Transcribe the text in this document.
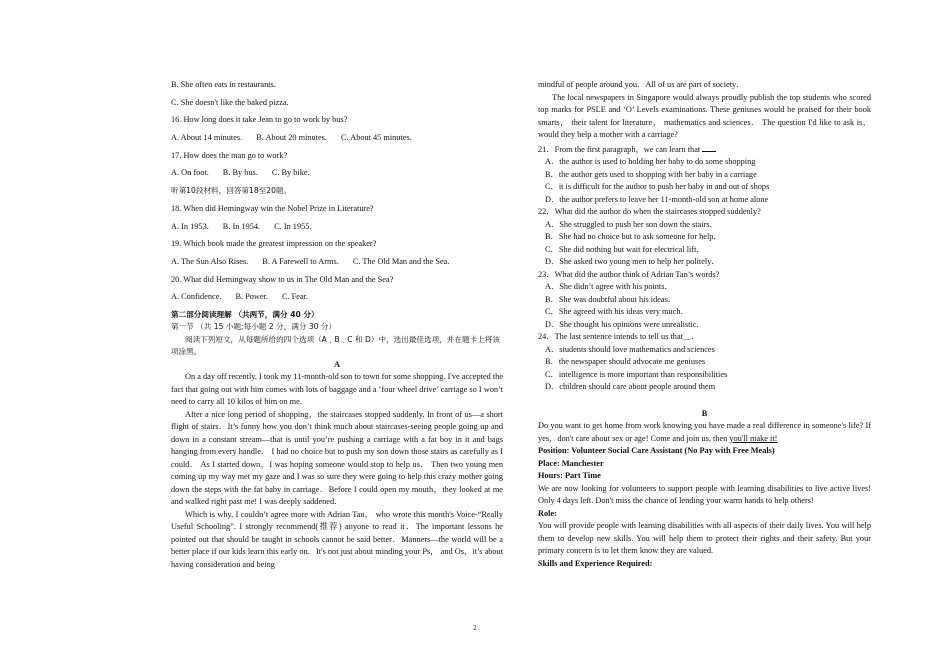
B. She often eats in restaurants.

C. She doesn't like the baked pizza.

16. How long does it take Jean to go to work by bus?

A. About 14 minutes. B. About 20 minutes. C. About 45 minutes.

17. How does the man go to work?

A. On foot. B. By bus. C. By bike.

听第10段材料，回答第18至20题。

18. When did Hemingway win the Nobel Prize in Literature?

A. In 1953. B. In 1954. C. In 1955.

19. Which book made the greatest impression on the speaker?

A. The Sun Also Rises. B. A Farewell to Arms. C. The Old Man and the Sea.

20. What did Hemingway show to us in The Old Man and the Sea?

A. Confidence. B. Power. C. Fear.

第二部分阅读理解 （共两节，满分 40 分）

第一节 （共 15 小题;每小题 2 分，满分 30 分）

阅读下列短文，从每题所给的四个选项（A﹑B﹑C 和 D）中，选出最佳选项，并在题卡上将该项涂黑。

A

On a day off recently, I took my 11-month-old son to town for some shopping. I've accepted the fact that going out with him comes with lots of baggage and a ‘four wheel drive’ carriage so I won’t need to carry all 10 kilos of him on me.

After a nice long period of shopping，the staircases stopped suddenly. In front of us—a short flight of stairs．It’s funny how you don’t think much about staircases-seeing people going up and down in a constant stream—that is until you’re pushing a carriage with a fat boy in it and bags hanging from every handle． I had no choice but to push my son down those stairs as carefully as I could． As I started down，I was hoping someone would stop to help us． Then two young men coming up my way met my gaze and I was so sure they were going to help this crazy mother going down the steps with the fat baby in carriage．Before I could open my mouth，they looked at me and walked right past me! I was deeply saddened．

Which is why, I couldn’t agree more with Adrian Tan， who wrote this month's Voice-“Really Useful Schooling”. I strongly recommend(推荐) anyone to read it．The important lessons he pointed out that should be taught in schools cannot be said better．Manners—the world will be a better place if our kids learn this early on．It's not just about minding your Ps， and Os，it’s about having consideration and being

mindful of people around you．All of us are part of society．

The local newspapers in Singapore would always proudly publish the top students who scored top marks for PSLE and ‘O’ Levels examinations. These geniuses would be praised for their book smarts， their talent for literature， mathematics and sciences． The question I'd like to ask is，would they help a mother with a carriage?

21．From the first paragraph，we can learn that

A．the author is used to holding her baby to do some shopping

B．the author gets used to shopping with her baby in a carriage

C．it is difficult for the author to push her baby in and out of shops

D．the author prefers to leave her 11-month-old son at home alone

22．What did the author do when the staircases stopped suddenly?

A．She struggled to push her son down the stairs．

B．She had no choice but to ask someone for help．

C．She did nothing but wait for electrical lift．

D．She asked two young men to help her politely．

23．What did the author think of Adrian Tan’s words?

A．She didn’t agree with his points．

B．She was doubtful about his ideas．

C．She agreed with his ideas very much．

D．She thought his opinions were unrealistic．

24．The last sentence intends to tell us that＿．

A．students should love mathematics and sciences

B．the newspaper should advocate me geniuses

C．intelligence is more important than responsibilities

D．children should care about people around them

B

Do you want to get home from work knowing you have made a real difference in someone's life? If yes，don't care about sex or age! Come and join us, then you'll make it!

Position: Volunteer Social Care Assistant (No Pay with Free Meals)

Place: Manchester

Hours: Part Time

We are now looking for volunteers to support people with learning disabilities to live active lives! Only 4 days left. Don't miss the chance of lending your warm hands to help others!

Role:

You will provide people with learning disabilities with all aspects of their daily lives. You will help them to develop new skills. You will help them to protect their rights and their safety. But your primary concern is to let them know they are valued.

Skills and Experience Required:

2
